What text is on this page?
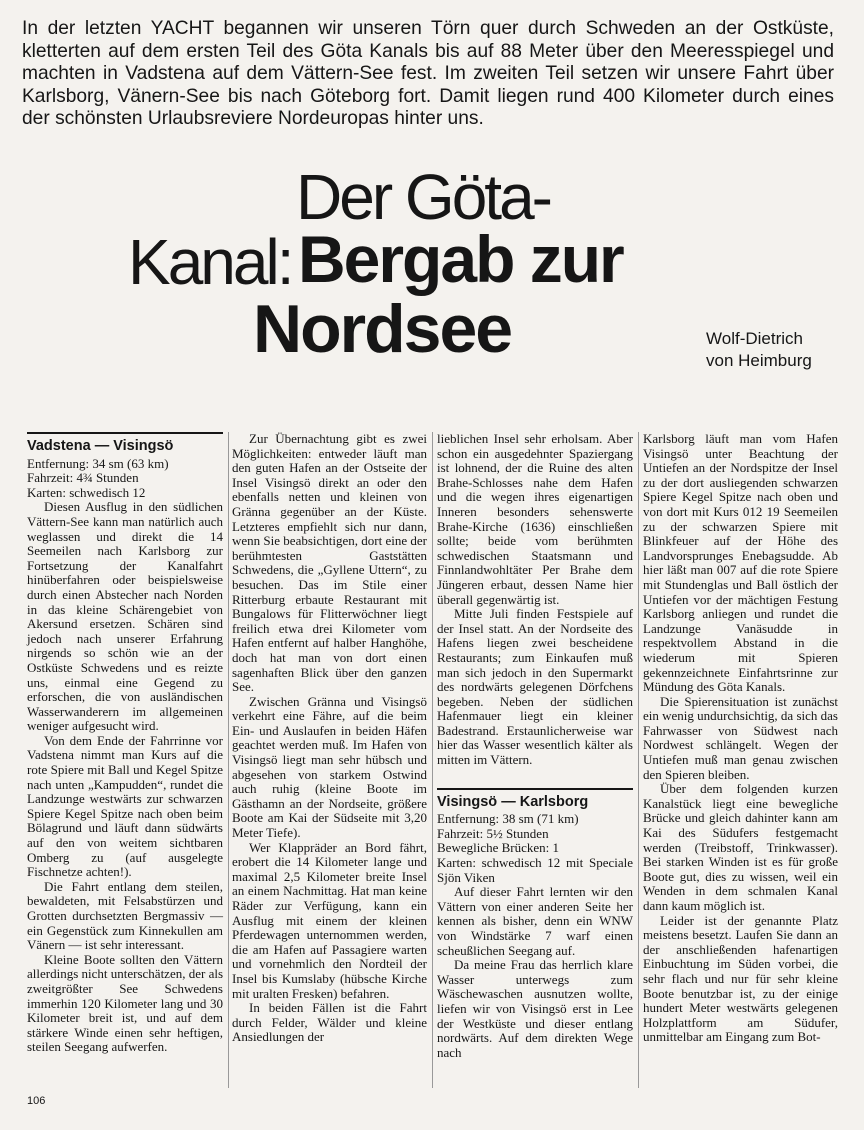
In der letzten YACHT begannen wir unseren Törn quer durch Schweden an der Ostküste, kletterten auf dem ersten Teil des Göta Kanals bis auf 88 Meter über den Meeresspiegel und machten in Vadstena auf dem Vättern-See fest. Im zweiten Teil setzen wir unsere Fahrt über Karlsborg, Vänern-See bis nach Göteborg fort. Damit liegen rund 400 Kilometer durch eines der schönsten Urlaubsreviere Nordeuropas hinter uns.
Der Göta-
Kanal: Bergab zur
Nordsee	Wolf-Dietrich
von Heimburg
Vadstena — Visingsö
Entfernung: 34 sm (63 km)
Fahrzeit: 4¾ Stunden
Karten: schwedisch 12

Diesen Ausflug in den südlichen Vättern-See kann man natürlich auch weglassen und direkt die 14 Seemeilen nach Karlsborg zur Fortsetzung der Kanalfahrt hinüberfahren oder beispielsweise durch einen Abstecher nach Norden in das kleine Schärengebiet von Akersund ersetzen. Schären sind jedoch nach unserer Erfahrung nirgends so schön wie an der Ostküste Schwedens und es reizte uns, einmal eine Gegend zu erforschen, die von ausländischen Wasserwanderern im allgemeinen weniger aufgesucht wird.

Von dem Ende der Fahrrinne vor Vadstena nimmt man Kurs auf die rote Spiere mit Ball und Kegel Spitze nach unten „Kampudden“, rundet die Landzunge westwärts zur schwarzen Spiere Kegel Spitze nach oben beim Bölagrund und läuft dann südwärts auf den von weitem sichtbaren Omberg zu (auf ausgelegte Fischnetze achten!).

Die Fahrt entlang dem steilen, bewaldeten, mit Felsabstürzen und Grotten durchsetzten Bergmassiv — ein Gegenstück zum Kinnekullen am Vänern — ist sehr interessant.

Kleine Boote sollten den Vättern allerdings nicht unterschätzen, der als zweitgrößter See Schwedens immerhin 120 Kilometer lang und 30 Kilometer breit ist, und auf dem stärkere Winde einen sehr heftigen, steilen Seegang aufwerfen.

Zur Übernachtung gibt es zwei Möglichkeiten: entweder läuft man den guten Hafen an der Ostseite der Insel Visingsö direkt an oder den ebenfalls netten und kleinen von Gränna gegenüber an der Küste. Letzteres empfiehlt sich nur dann, wenn Sie beabsichtigen, dort eine der berühmtesten Gaststätten Schwedens, die „Gyllene Uttern“, zu besuchen. Das im Stile einer Ritterburg erbaute Restaurant mit Bungalows für Flitterwöchner liegt freilich etwa drei Kilometer vom Hafen entfernt auf halber Hanghöhe, doch hat man von dort einen sagenhaften Blick über den ganzen See.

Zwischen Gränna und Visingsö verkehrt eine Fähre, auf die beim Ein- und Auslaufen in beiden Häfen geachtet werden muß. Im Hafen von Visingsö liegt man sehr hübsch und abgesehen von starkem Ostwind auch ruhig (kleine Boote im Gästhamn an der Nordseite, größere Boote am Kai der Südseite mit 3,20 Meter Tiefe).

Wer Klappräder an Bord fährt, erobert die 14 Kilometer lange und maximal 2,5 Kilometer breite Insel an einem Nachmittag. Hat man keine Räder zur Verfügung, kann ein Ausflug mit einem der kleinen Pferdewagen unternommen werden, die am Hafen auf Passagiere warten und vornehmlich den Nordteil der Insel bis Kumslaby (hübsche Kirche mit uralten Fresken) befahren.

In beiden Fällen ist die Fahrt durch Felder, Wälder und kleine Ansiedlungen der

lieblichen Insel sehr erholsam. Aber schon ein ausgedehnter Spaziergang ist lohnend, der die Ruine des alten Brahe-Schlosses nahe dem Hafen und die wegen ihres eigenartigen Inneren besonders sehenswerte Brahe-Kirche (1636) einschließen sollte; beide vom berühmten schwedischen Staatsmann und Finnlandwohltäter Per Brahe dem Jüngeren erbaut, dessen Name hier überall gegenwärtig ist.

Mitte Juli finden Festspiele auf der Insel statt. An der Nordseite des Hafens liegen zwei bescheidene Restaurants; zum Einkaufen muß man sich jedoch in den Supermarkt des nordwärts gelegenen Dörfchens begeben. Neben der südlichen Hafenmauer liegt ein kleiner Badestrand. Erstaunlicherweise war hier das Wasser wesentlich kälter als mitten im Vättern.

Visingsö — Karlsborg
Entfernung: 38 sm (71 km)
Fahrzeit: 5½ Stunden
Bewegliche Brücken: 1
Karten: schwedisch 12 mit Speciale Sjön Viken

Auf dieser Fahrt lernten wir den Vättern von einer anderen Seite her kennen als bisher, denn ein WNW von Windstärke 7 warf einen scheußlichen Seegang auf.

Da meine Frau das herrlich klare Wasser unterwegs zum Wäschewaschen ausnutzen wollte, liefen wir von Visingsö erst in Lee der Westküste und dieser entlang nordwärts. Auf dem direkten Wege nach

Karlsborg läuft man vom Hafen Visingsö unter Beachtung der Untiefen an der Nordspitze der Insel zu der dort ausliegenden schwarzen Spiere Kegel Spitze nach oben und von dort mit Kurs 012 19 Seemeilen zu der schwarzen Spiere mit Blinkfeuer auf der Höhe des Landvorsprunges Enebagsudde. Ab hier läßt man 007 auf die rote Spiere mit Stundenglas und Ball östlich der Untiefen vor der mächtigen Festung Karlsborg anliegen und rundet die Landzunge Vanäsudde in respektvollem Abstand in die wiederum mit Spieren gekennzeichnete Einfahrtsrinne zur Mündung des Göta Kanals.

Die Spierensituation ist zunächst ein wenig undurchsichtig, da sich das Fahrwasser von Südwest nach Nordwest schlängelt. Wegen der Untiefen muß man genau zwischen den Spieren bleiben.

Über dem folgenden kurzen Kanalstück liegt eine bewegliche Brücke und gleich dahinter kann am Kai des Südufers festgemacht werden (Treibstoff, Trinkwasser). Bei starken Winden ist es für große Boote gut, dies zu wissen, weil ein Wenden in dem schmalen Kanal dann kaum möglich ist.

Leider ist der genannte Platz meistens besetzt. Laufen Sie dann an der anschließenden hafenartigen Einbuchtung im Süden vorbei, die sehr flach und nur für sehr kleine Boote benutzbar ist, zu der einige hundert Meter westwärts gelegenen Holzplattform am Südufer, unmittelbar am Eingang zum Bot-

106
